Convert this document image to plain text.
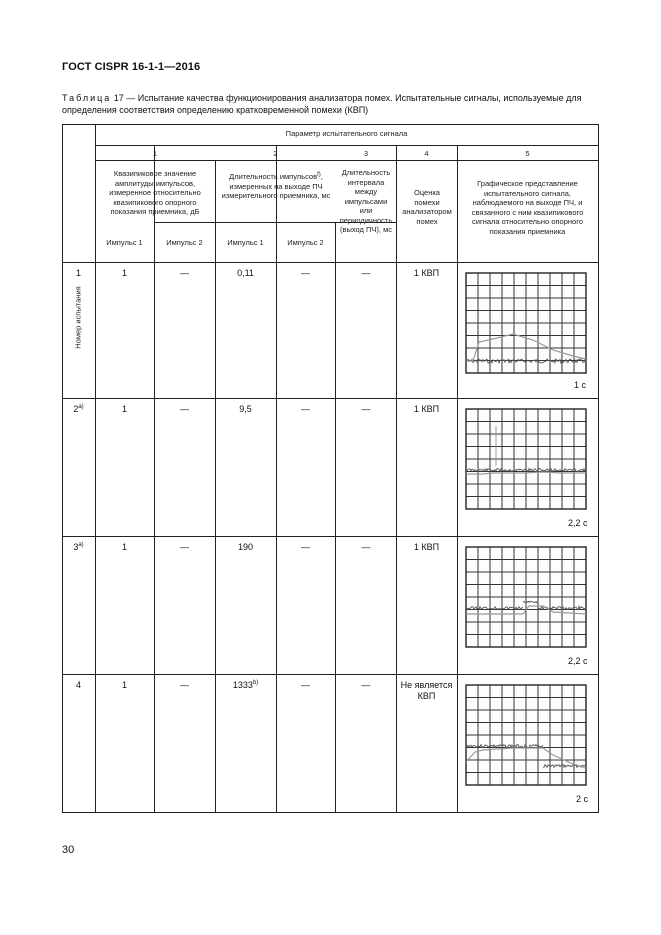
ГОСТ CISPR 16-1-1—2016
Таблица 17 — Испытание качества функционирования анализатора помех. Испытательные сигналы, используемые для определения соответствия определению кратковременной помехи (КВП)
Номер испытания
Параметр испытательного сигнала
1	2	3	4	5
Квазипиковое значение амплитуды импульсов, измеренное относительно квазипикового опорного показания приемника, дБ
Длительность импульсов$^{f)}$, измеренных на выходе ПЧ измерительного приемника, мс
Длительность интервала между импульсами или периодичность (выход ПЧ), мс
Оценка помехи анализатором помех
Графическое представление испытательного сигнала, наблюдаемого на выходе ПЧ, и связанного с ним квазипикового сигнала относительно опорного показания приемника
Импульс 1	Импульс 2	Импульс 1	Импульс 2
1	1	—	0,11	—	—	1 КВП
2$^{a)}$	1	—	9,5	—	—	1 КВП
3$^{a)}$	1	—	190	—	—	1 КВП
4	1	—	1333$^{b)}$	—	—	Не является КВП
1 с
2,2 с
2,2 с
2 с
30
